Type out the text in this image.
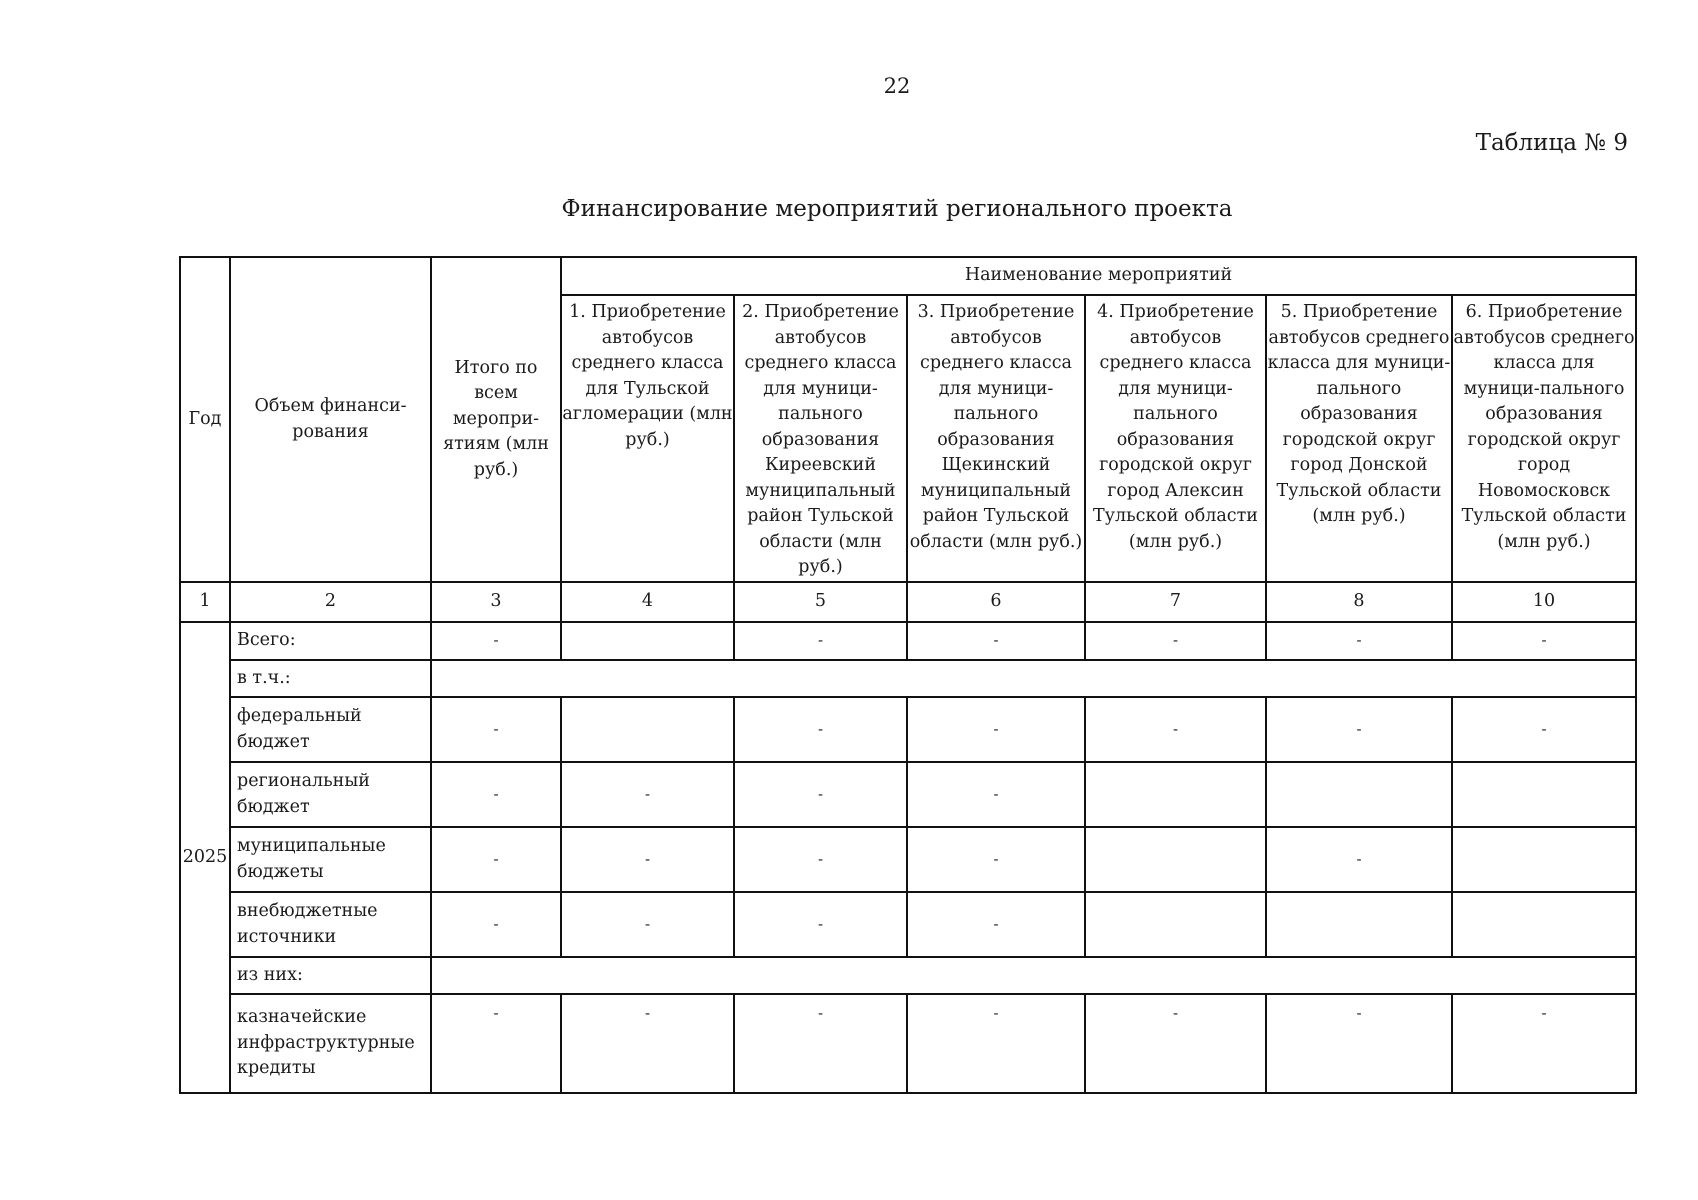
22
Таблица № 9
Финансирование мероприятий регионального проекта
Год	Объем финанси-рования	Итого по всем меропри-ятиям (млн руб.)	Наименование мероприятий					
			1. Приобретение автобусов среднего класса для Тульской агломерации (млн руб.)	2. Приобретение автобусов среднего класса для муници-пального образования Киреевский муниципальный район Тульской области (млн руб.)	3. Приобретение автобусов среднего класса для муници-пального образования Щекинский муниципальный район Тульской области (млн руб.)	4. Приобретение автобусов среднего класса для муници-пального образования городской округ город Алексин Тульской области (млн руб.)	5. Приобретение автобусов среднего класса для муници-пального образования городской округ город Донской Тульской области (млн руб.)	6. Приобретение автобусов среднего класса для муници-пального образования городской округ город Новомосковск Тульской области (млн руб.)
1	2	3	4	5	6	7	8	10
2025	Всего:	-		-	-	-	-	-
	в т.ч.:							
	федеральный бюджет	-		-	-	-	-	-
	региональный бюджет	-	-	-	-			
	муниципальные бюджеты	-	-	-	-		-	
	внебюджетные источники	-	-	-	-			
	из них:							
	казначейские инфраструктурные кредиты	-	-	-	-	-	-	-
